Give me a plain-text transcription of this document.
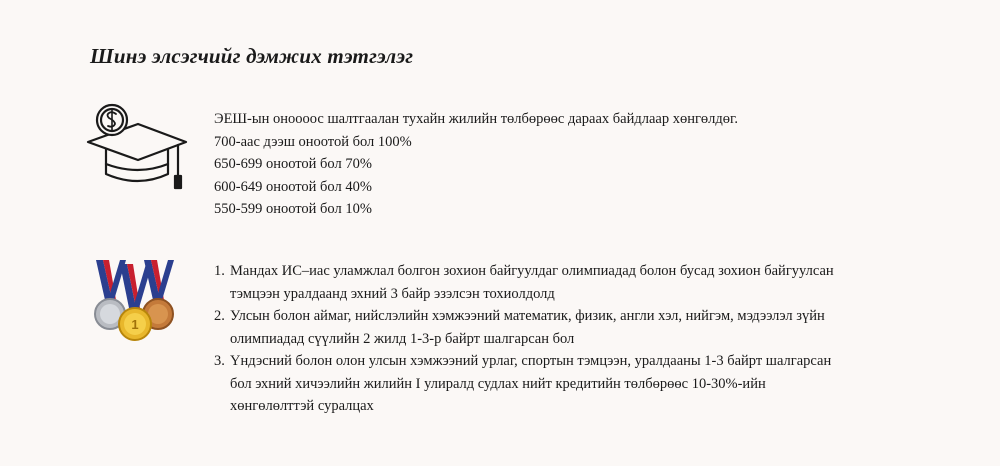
Шинэ элсэгчийг дэмжих тэтгэлэг
ЭЕШ-ын оноооос шалтгаалан тухайн жилийн төлбөрөөс дараах байдлаар хөнгөлдөг.
700-аас дээш оноотой бол 100%
650-699 оноотой бол 70%
600-649 оноотой бол 40%
550-599 оноотой бол 10%
1
1. Мандах ИС–иас уламжлал болгон зохион байгуулдаг олимпиадад болон бусад зохион байгуулсан
тэмцээн уралдаанд эхний 3 байр эзэлсэн тохиолдолд
2. Улсын болон аймаг, нийслэлийн хэмжээний математик, физик, англи хэл, нийгэм, мэдээлэл зүйн
олимпиадад сүүлийн 2 жилд 1-3-р байрт шалгарсан бол
3. Үндэсний болон олон улсын хэмжээний урлаг, спортын тэмцээн, уралдааны 1-3 байрт шалгарсан
бол эхний хичээлийн жилийн I улиралд судлах нийт кредитийн төлбөрөөс 10-30%-ийн
хөнгөлөлттэй суралцах
